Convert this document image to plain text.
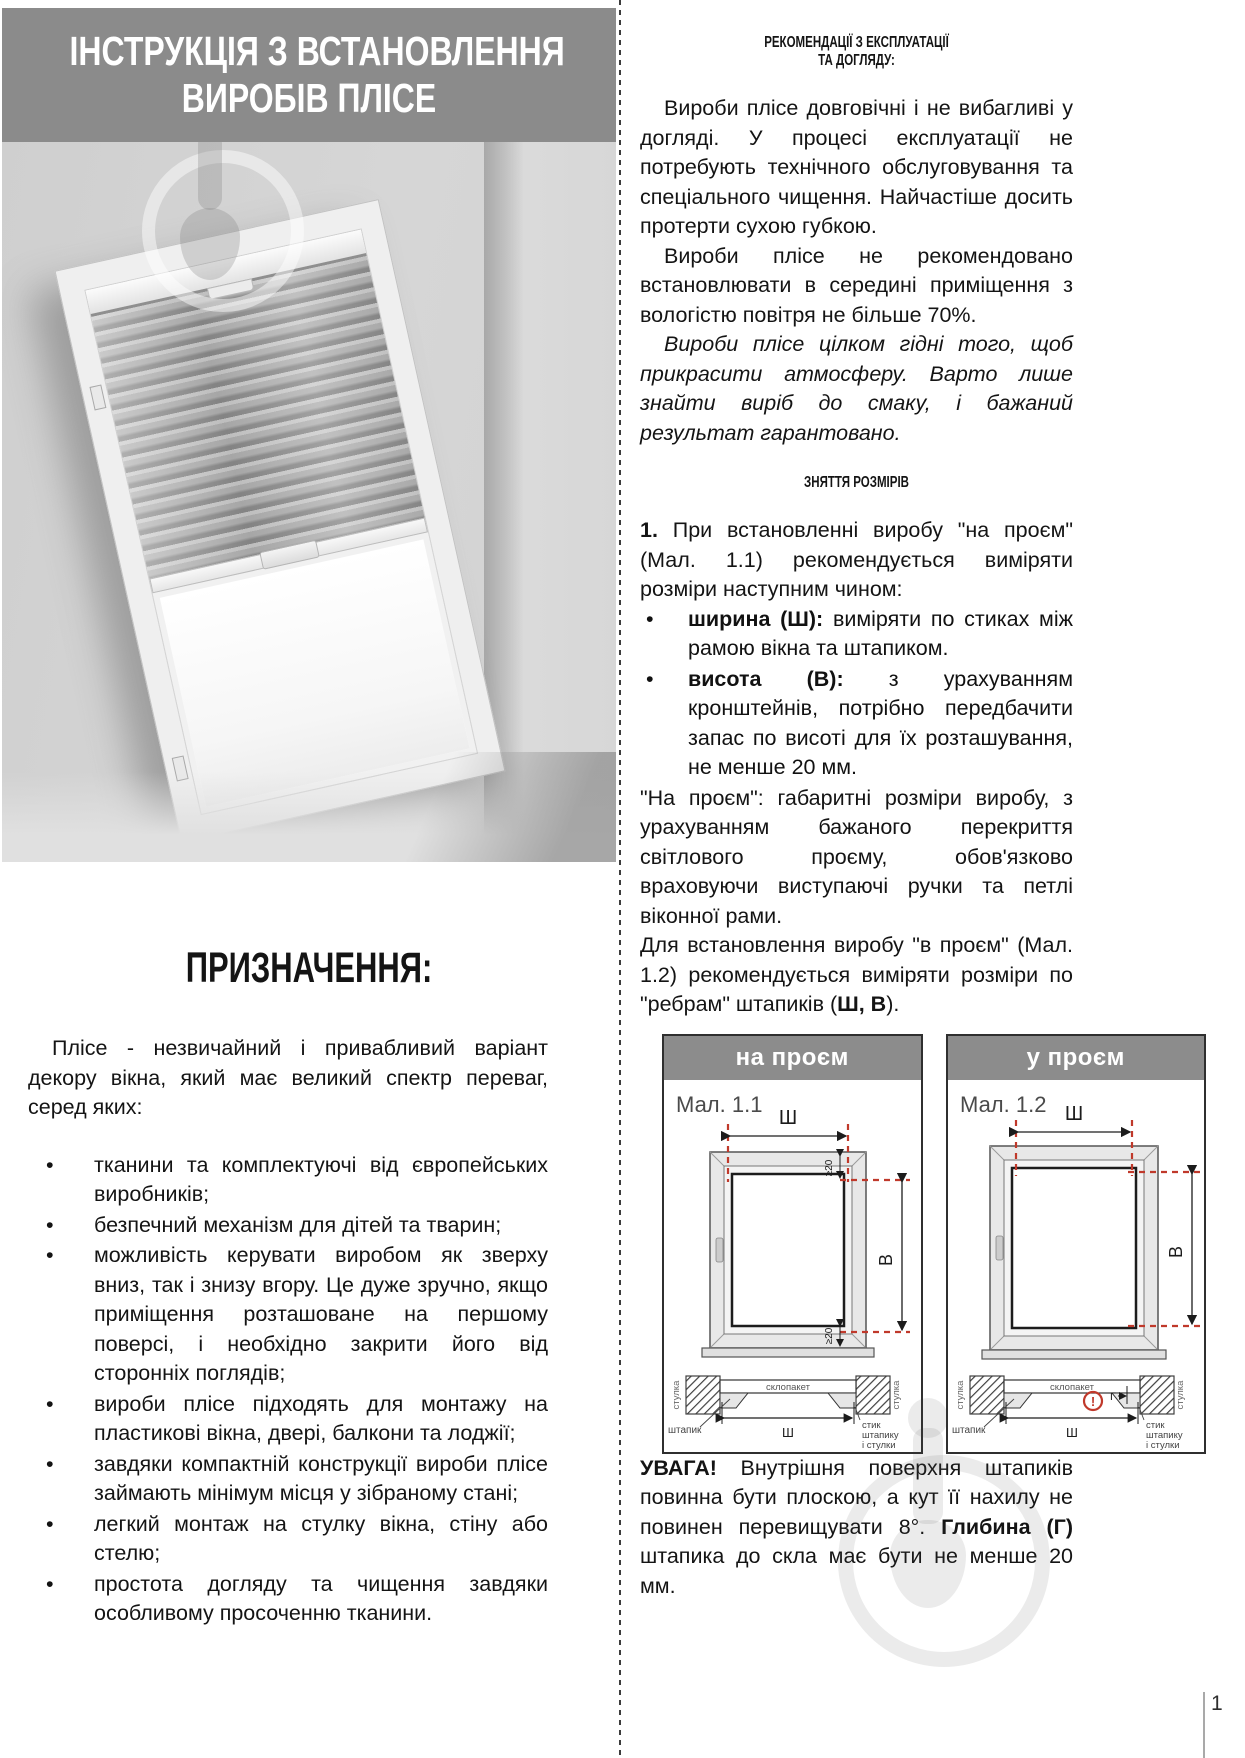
ІНСТРУКЦІЯ З ВСТАНОВЛЕННЯ
ВИРОБІВ ПЛІСЕ
ПРИЗНАЧЕННЯ:

Плісе - незвичайний і привабливий варіант декору вікна, який має великий спектр переваг, серед яких:

• тканини та комплектуючі від європейських виробників;
• безпечний механізм для дітей та тварин;
• можливість керувати виробом як зверху вниз, так і знизу вгору. Це дуже зручно, якщо приміщення розташоване на першому поверсі, і необхідно закрити його від сторонніх поглядів;
• вироби плісе підходять для монтажу на пластикові вікна, двері, балкони та лоджії;
• завдяки компактній конструкції вироби плісе займають мінімум місця у зібраному стані;
• легкий монтаж на стулку вікна, стіну або стелю;
• простота догляду та чищення завдяки особливому просоченню тканини.
РЕКОМЕНДАЦІЇ З ЕКСПЛУАТАЦІЇ
ТА ДОГЛЯДУ:

Вироби плісе довговічні і не вибагливі у догляді. У процесі експлуатації не потребують технічного обслуговування та спеціального чищення. Найчастіше досить протерти сухою губкою.

Вироби плісе не рекомендовано встановлювати в середині приміщення з вологістю повітря не більше 70%.

Вироби плісе цілком гідні того, щоб прикрасити атмосферу. Варто лише знайти виріб до смаку, і бажаний результат гарантовано.

ЗНЯТТЯ РОЗМІРІВ

1. При встановленні виробу "на проєм" (Мал. 1.1) рекомендується виміряти розміри наступним чином:

• ширина (Ш): виміряти по стиках між рамою вікна та штапиком.
• висота (В): з урахуванням кронштейнів, потрібно передбачити запас по висоті для їх розташування, не менше 20 мм.

"На проєм": габаритні розміри виробу, з урахуванням бажаного перекриття світлового проєму, обов'язково враховуючи виступаючі ручки та петлі віконної рами.

Для встановлення виробу "в проєм" (Мал. 1.2) рекомендується виміряти розміри по "ребрам" штапиків (Ш, В).

на проєм
Мал. 1.1
Ш
В
≥20
≥20
стулка	стулка
склопакет
Ш
штапик	стик
штапику
і стулки
у проєм
Мал. 1.2 Ш
В
стулка	стулка
склопакет
! Г
Ш
штапик	стик
штапику
і стулки

УВАГА! Внутрішня поверхня штапиків повинна бути плоскою, а кут її нахилу не повинен перевищувати 8°. Глибина (Г) штапика до скла має бути не менше 20 мм.

1
